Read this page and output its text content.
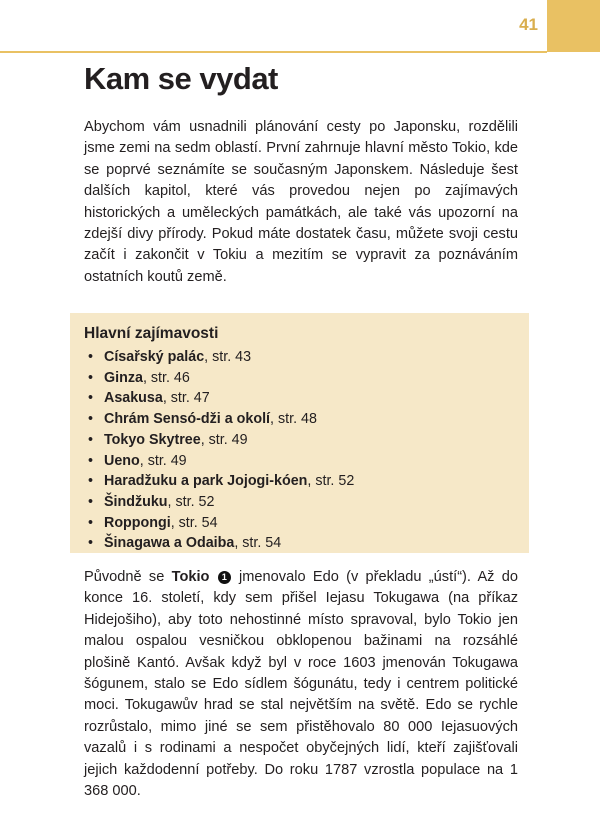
41
Kam se vydat

Abychom vám usnadnili plánování cesty po Japonsku, rozdělili jsme zemi na sedm oblastí. První zahrnuje hlavní město Tokio, kde se poprvé seznámíte se současným Japonskem. Následuje šest dalších kapitol, které vás provedou nejen po zajímavých historických a uměleckých památkách, ale také vás upozorní na zdejší divy přírody. Pokud máte dostatek času, můžete svoji cestu začít i zakončit v Tokiu a mezitím se vypravit za poznáváním ostatních koutů země.

Hlavní zajímavosti
• Císařský palác, str. 43
• Ginza, str. 46
• Asakusa, str. 47
• Chrám Sensó-dži a okolí, str. 48
• Tokyo Skytree, str. 49
• Ueno, str. 49
• Haradžuku a park Jojogi-kóen, str. 52
• Šindžuku, str. 52
• Roppongi, str. 54
• Šinagawa a Odaiba, str. 54

Původně se Tokio 1 jmenovalo Edo (v překladu „ústí“). Až do konce 16. století, kdy sem přišel Iejasu Tokugawa (na příkaz Hidejošiho), aby toto nehostinné místo spravoval, bylo Tokio jen malou ospalou vesničkou obklopenou bažinami na rozsáhlé plošině Kantó. Avšak když byl v roce 1603 jmenován Tokugawa šógunem, stalo se Edo sídlem šógunátu, tedy i centrem politické moci. Tokugawův hrad se stal největším na světě. Edo se rychle rozrůstalo, mimo jiné se sem přistěhovalo 80 000 Iejasuových vazalů i s rodinami a nespočet obyčejných lidí, kteří zajišťovali jejich každodenní potřeby. Do roku 1787 vzrostla populace na 1 368 000.
